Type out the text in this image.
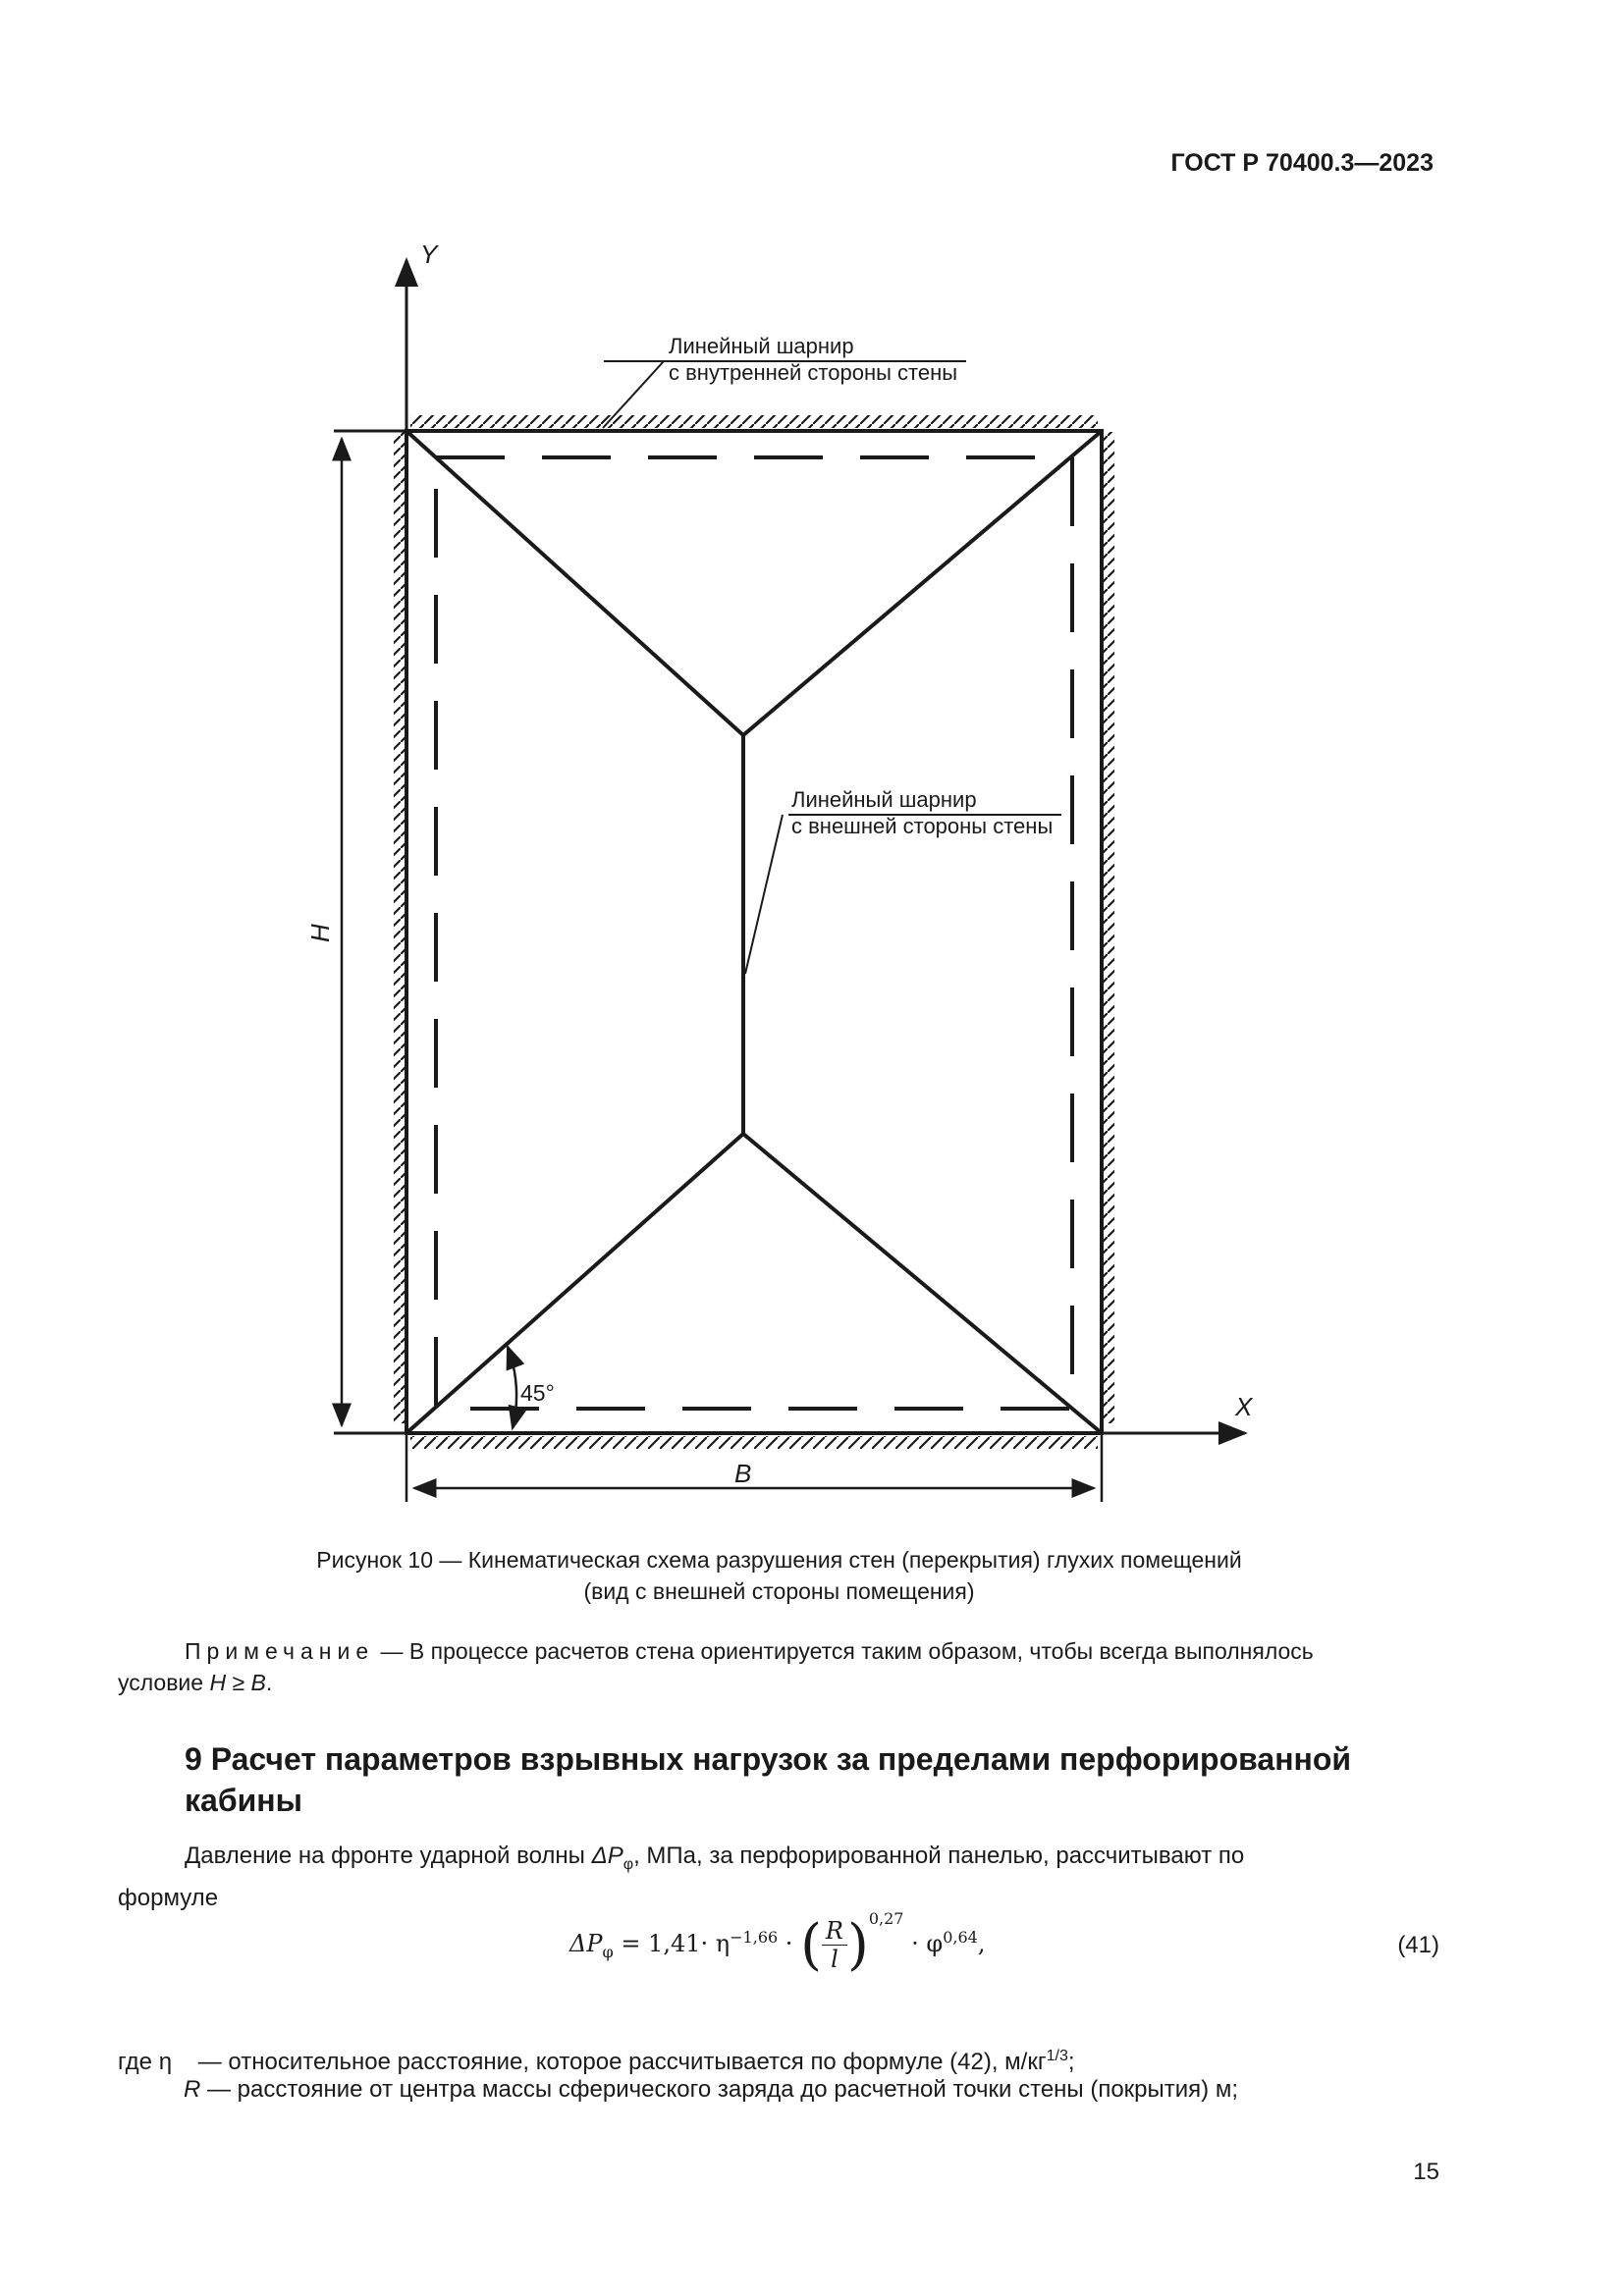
ГОСТ Р 70400.3—2023
Y
X
H
B
45°
Линейный шарнир
с внутренней стороны стены
Линейный шарнир
с внешней стороны стены
Рисунок 10 — Кинематическая схема разрушения стен (перекрытия) глухих помещений
(вид с внешней стороны помещения)
Примечание — В процессе расчетов стена ориентируется таким образом, чтобы всегда выполнялось
условие H ≥ B.
9 Расчет параметров взрывных нагрузок за пределами перфорированной
кабины
Давление на фронте ударной волны $\Delta P_\varphi$, МПа, за перфорированной панелью, рассчитывают по
формуле
$\Delta P_\varphi = 1,41\cdot \eta^{-1,66}$ · ( $\frac{R}{l} )^{0,27} \cdot \varphi^{0,64}$,	(41)
где η    — относительное расстояние, которое рассчитывается по формуле (42), $м/кг^{1/3}$;
R — расстояние от центра массы сферического заряда до расчетной точки стены (покрытия) м;
15
